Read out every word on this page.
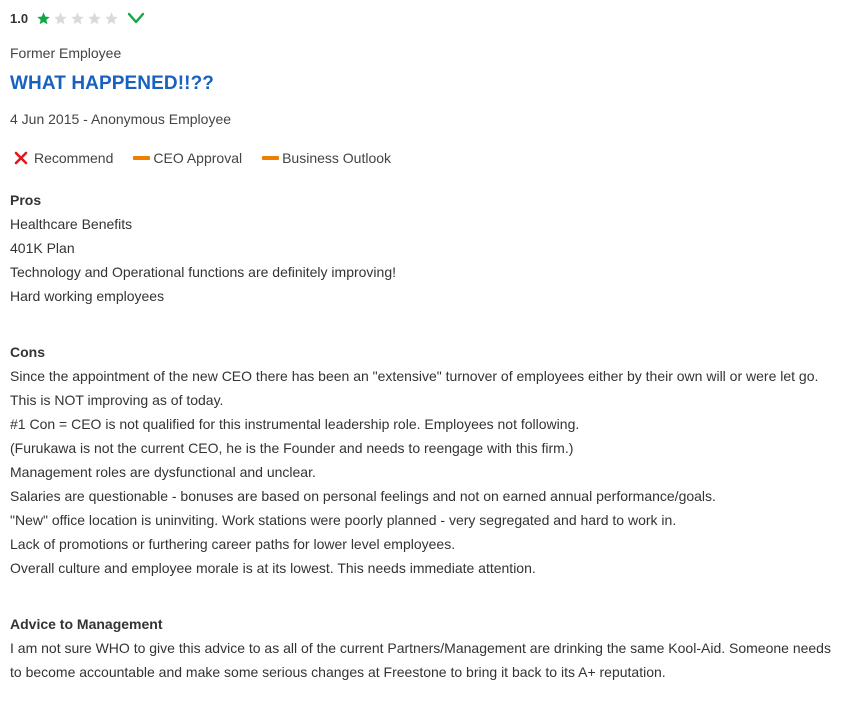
1.0
Former Employee
WHAT HAPPENED!!??
4 Jun 2015 - Anonymous Employee
Recommend	CEO Approval	Business Outlook
Pros
Healthcare Benefits
401K Plan
Technology and Operational functions are definitely improving!
Hard working employees
Cons
Since the appointment of the new CEO there has been an "extensive" turnover of employees either by their own will or were let go. This is NOT improving as of today.
#1 Con = CEO is not qualified for this instrumental leadership role. Employees not following.
(Furukawa is not the current CEO, he is the Founder and needs to reengage with this firm.)
Management roles are dysfunctional and unclear.
Salaries are questionable - bonuses are based on personal feelings and not on earned annual performance/goals.
"New" office location is uninviting. Work stations were poorly planned - very segregated and hard to work in.
Lack of promotions or furthering career paths for lower level employees.
Overall culture and employee morale is at its lowest. This needs immediate attention.
Advice to Management
I am not sure WHO to give this advice to as all of the current Partners/Management are drinking the same Kool-Aid. Someone needs to become accountable and make some serious changes at Freestone to bring it back to its A+ reputation.
